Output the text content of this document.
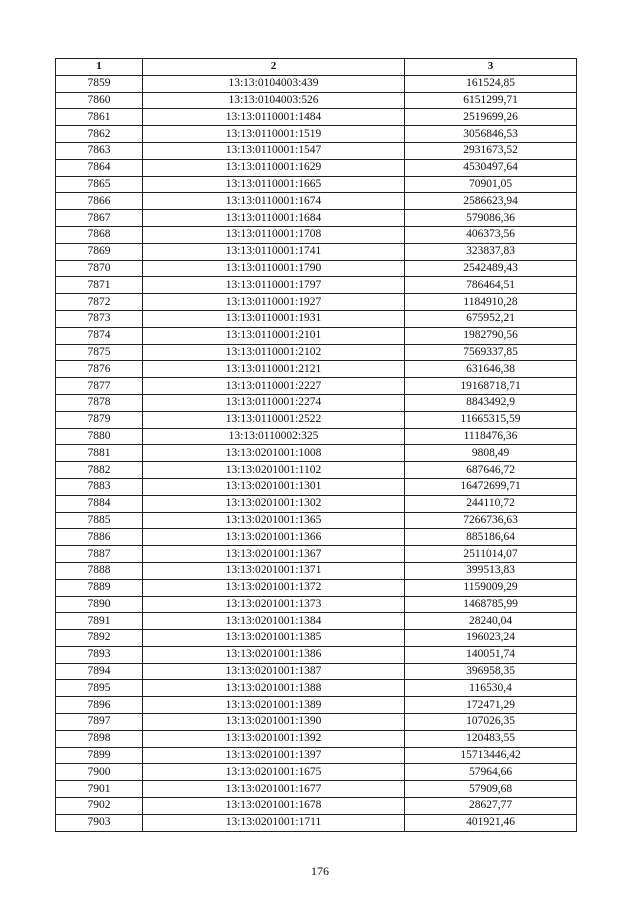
1	2	3
7859	13:13:0104003:439	161524,85
7860	13:13:0104003:526	6151299,71
7861	13:13:0110001:1484	2519699,26
7862	13:13:0110001:1519	3056846,53
7863	13:13:0110001:1547	2931673,52
7864	13:13:0110001:1629	4530497,64
7865	13:13:0110001:1665	70901,05
7866	13:13:0110001:1674	2586623,94
7867	13:13:0110001:1684	579086,36
7868	13:13:0110001:1708	406373,56
7869	13:13:0110001:1741	323837,83
7870	13:13:0110001:1790	2542489,43
7871	13:13:0110001:1797	786464,51
7872	13:13:0110001:1927	1184910,28
7873	13:13:0110001:1931	675952,21
7874	13:13:0110001:2101	1982790,56
7875	13:13:0110001:2102	7569337,85
7876	13:13:0110001:2121	631646,38
7877	13:13:0110001:2227	19168718,71
7878	13:13:0110001:2274	8843492,9
7879	13:13:0110001:2522	11665315,59
7880	13:13:0110002:325	1118476,36
7881	13:13:0201001:1008	9808,49
7882	13:13:0201001:1102	687646,72
7883	13:13:0201001:1301	16472699,71
7884	13:13:0201001:1302	244110,72
7885	13:13:0201001:1365	7266736,63
7886	13:13:0201001:1366	885186,64
7887	13:13:0201001:1367	2511014,07
7888	13:13:0201001:1371	399513,83
7889	13:13:0201001:1372	1159009,29
7890	13:13:0201001:1373	1468785,99
7891	13:13:0201001:1384	28240,04
7892	13:13:0201001:1385	196023,24
7893	13:13:0201001:1386	140051,74
7894	13:13:0201001:1387	396958,35
7895	13:13:0201001:1388	116530,4
7896	13:13:0201001:1389	172471,29
7897	13:13:0201001:1390	107026,35
7898	13:13:0201001:1392	120483,55
7899	13:13:0201001:1397	15713446,42
7900	13:13:0201001:1675	57964,66
7901	13:13:0201001:1677	57909,68
7902	13:13:0201001:1678	28627,77
7903	13:13:0201001:1711	401921,46
176
